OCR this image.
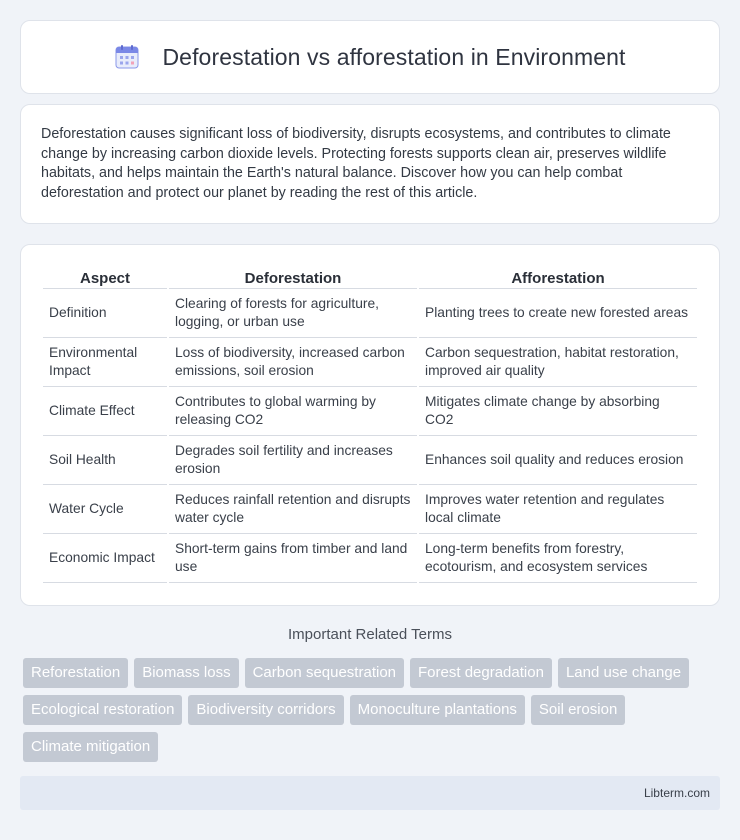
Deforestation vs afforestation in Environment

Deforestation causes significant loss of biodiversity, disrupts ecosystems, and contributes to climate change by increasing carbon dioxide levels. Protecting forests supports clean air, preserves wildlife habitats, and helps maintain the Earth's natural balance. Discover how you can help combat deforestation and protect our planet by reading the rest of this article.

Aspect	Deforestation	Afforestation
Definition	Clearing of forests for agriculture, logging, or urban use	Planting trees to create new forested areas
Environmental Impact	Loss of biodiversity, increased carbon emissions, soil erosion	Carbon sequestration, habitat restoration, improved air quality
Climate Effect	Contributes to global warming by releasing CO2	Mitigates climate change by absorbing CO2
Soil Health	Degrades soil fertility and increases erosion	Enhances soil quality and reduces erosion
Water Cycle	Reduces rainfall retention and disrupts water cycle	Improves water retention and regulates local climate
Economic Impact	Short-term gains from timber and land use	Long-term benefits from forestry, ecotourism, and ecosystem services
Important Related Terms
Reforestation	Biomass loss	Carbon sequestration	Forest degradation	Land use change
Ecological restoration	Biodiversity corridors	Monoculture plantations	Soil erosion
Climate mitigation
Libterm.com
